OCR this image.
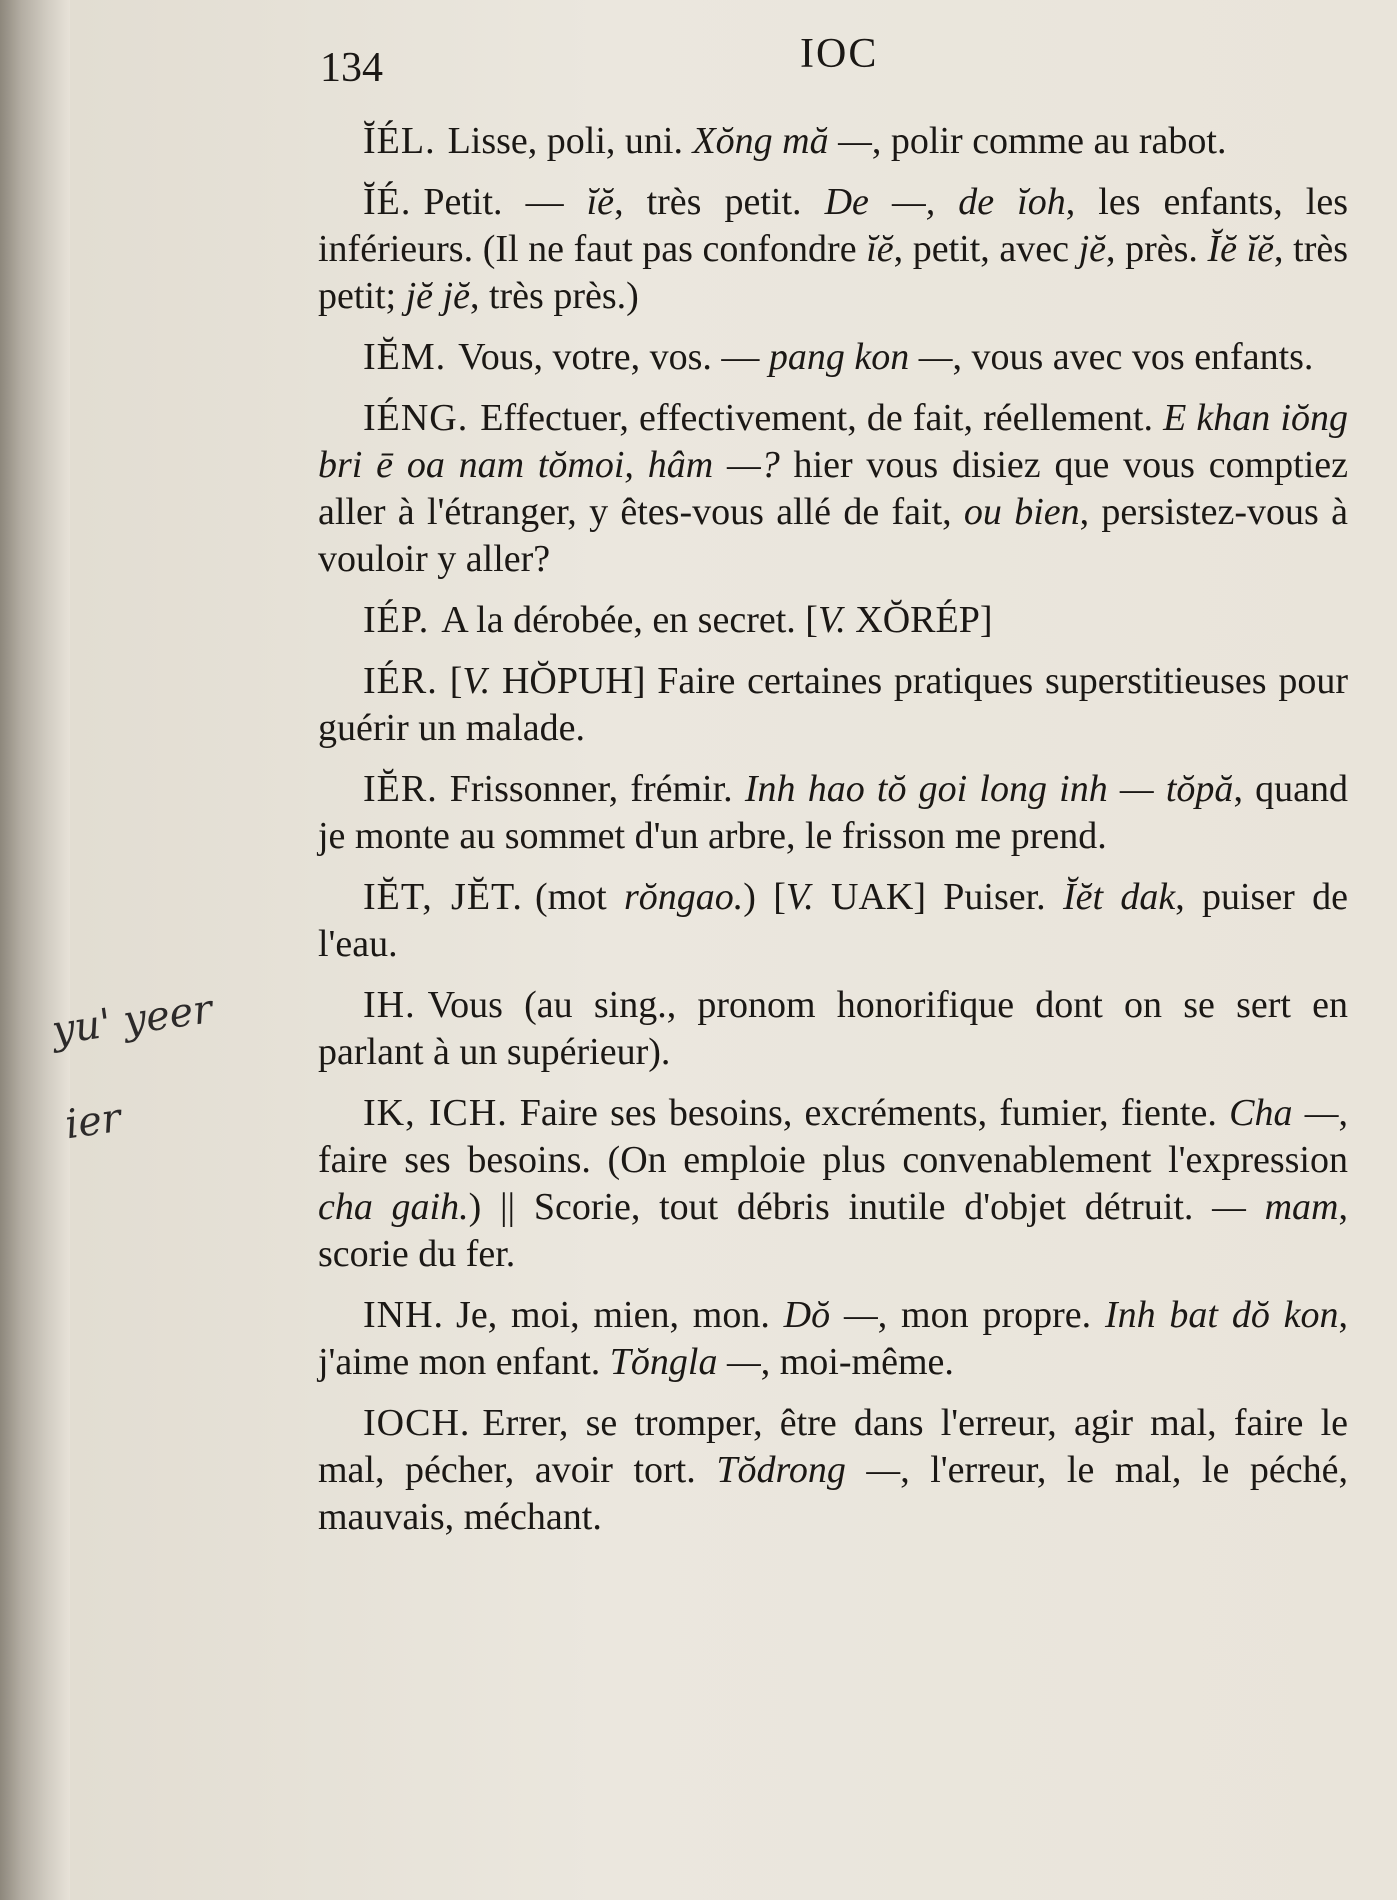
134	IOC

ĬÉL. Lisse, poli, uni. Xŏng mă —, polir comme au rabot.

ĬÉ. Petit. — ĭĕ, très petit. De —, de ĭoh, les enfants, les inférieurs. (Il ne faut pas confondre ĭĕ, petit, avec jĕ, près. Ĭĕ ĭĕ, très petit; jĕ jĕ, très près.)

IĔM. Vous, votre, vos. — pang kon —, vous avec vos enfants.

IÉNG. Effectuer, effectivement, de fait, réellement. E khan iŏng bri ē oa nam tŏmoi, hâm —? hier vous disiez que vous comptiez aller à l'étranger, y êtes-vous allé de fait, ou bien, persistez-vous à vouloir y aller?

IÉP. A la dérobée, en secret. [V. XŎRÉP]

IÉR. [V. HŎPUH] Faire certaines pratiques superstitieuses pour guérir un malade.

IĔR. Frissonner, frémir. Inh hao tŏ goi long inh — tŏpă, quand je monte au sommet d'un arbre, le frisson me prend.

IĔT, JĔT. (mot rŏngao.) [V. UAK] Puiser. Ĭĕt dak, puiser de l'eau.

IH. Vous (au sing., pronom honorifique dont on se sert en parlant à un supérieur).

IK, ICH. Faire ses besoins, excréments, fumier, fiente. Cha —, faire ses besoins. (On emploie plus convenablement l'expression cha gaih.) || Scorie, tout débris inutile d'objet détruit. — mam, scorie du fer.

INH. Je, moi, mien, mon. Dŏ —, mon propre. Inh bat dŏ kon, j'aime mon enfant. Tŏngla —, moi-même.

IOCH. Errer, se tromper, être dans l'erreur, agir mal, faire le mal, pécher, avoir tort. Tŏdrong —, l'erreur, le mal, le péché, mauvais, méchant.

yu' yeer
ier
